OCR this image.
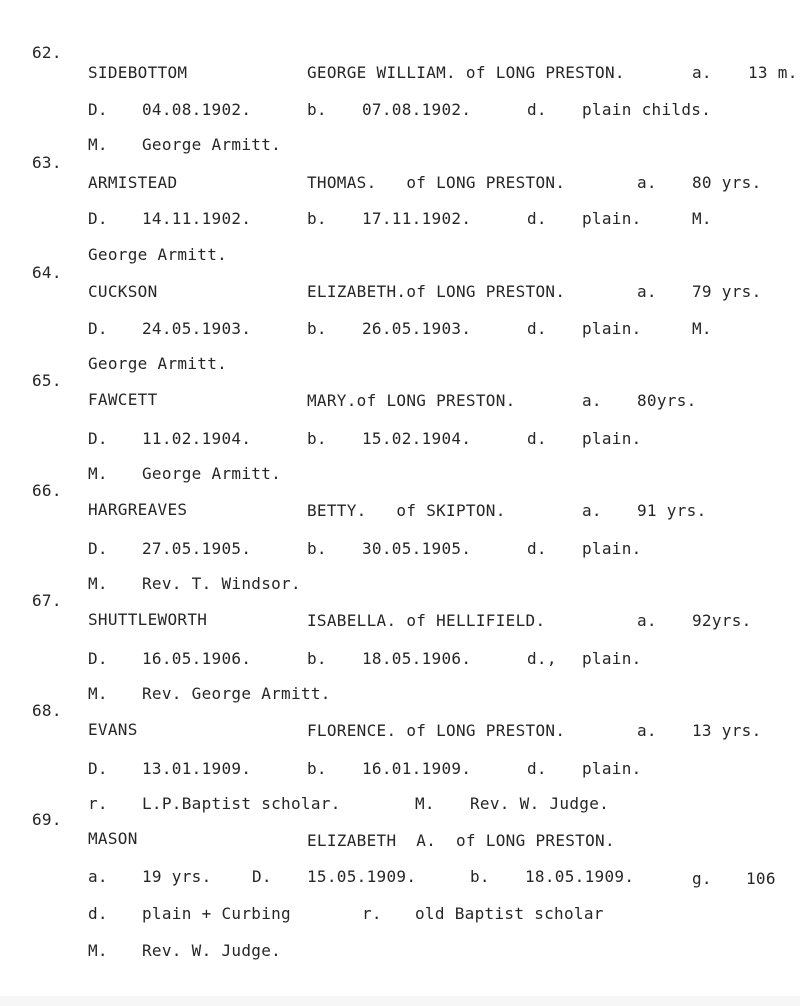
62.
SIDEBOTTOM	GEORGE WILLIAM. of LONG PRESTON.	a. 13 m.
D. 04.08.1902.	b. 07.08.1902.	d. plain childs.
M. George Armitt.
63.
ARMISTEAD	THOMAS.   of LONG PRESTON.	a. 80 yrs.
D. 14.11.1902.	b. 17.11.1902.	d. plain.	M.
George Armitt.
64.
CUCKSON	ELIZABETH.of LONG PRESTON.	a. 79 yrs.
D. 24.05.1903.	b. 26.05.1903.	d. plain.	M.
George Armitt.
65.
FAWCETT	MARY.of LONG PRESTON.	a. 80yrs.
D. 11.02.1904.	b. 15.02.1904.	d. plain.
M. George Armitt.
66.
HARGREAVES	BETTY.   of SKIPTON.	a. 91 yrs.
D. 27.05.1905.	b. 30.05.1905.	d. plain.
M. Rev. T. Windsor.
67.
SHUTTLEWORTH	ISABELLA. of HELLIFIELD.	a. 92yrs.
D. 16.05.1906.	b. 18.05.1906.	d., plain.
M. Rev. George Armitt.
68.
EVANS	FLORENCE. of LONG PRESTON.	a. 13 yrs.
D. 13.01.1909.	b. 16.01.1909.	d. plain.
r. L.P.Baptist scholar.	M. Rev. W. Judge.
69.
MASON	ELIZABETH  A.  of LONG PRESTON.
a. 19 yrs.	D. 15.05.1909.	b. 18.05.1909.	g. 106
d. plain + Curbing	r. old Baptist scholar
M. Rev. W. Judge.
